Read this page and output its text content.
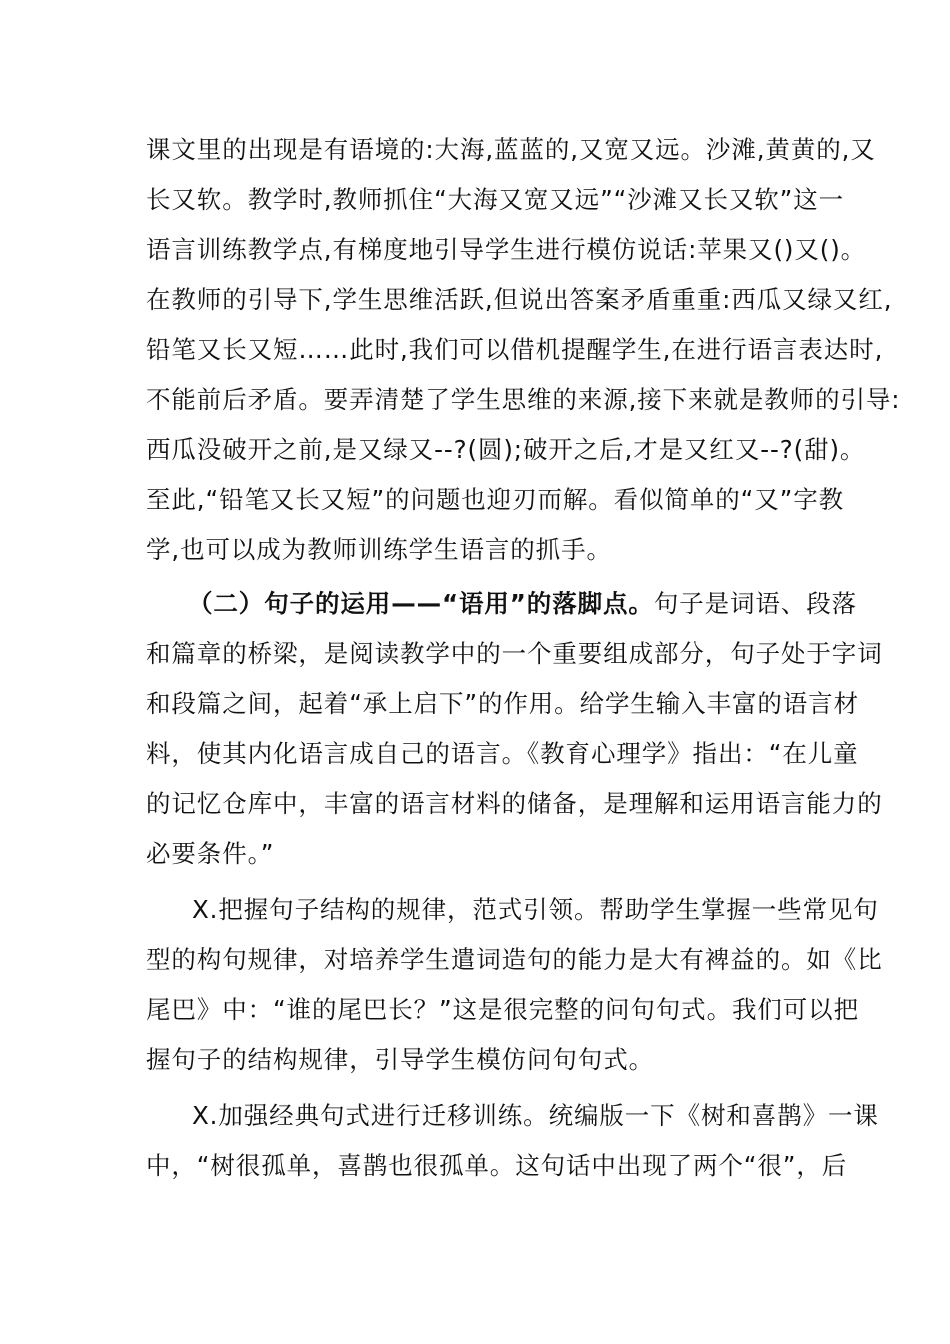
课文里的出现是有语境的:大海,蓝蓝的,又宽又远。沙滩,黄黄的,又
长又软。教学时,教师抓住“大海又宽又远”“沙滩又长又软”这一
语言训练教学点,有梯度地引导学生进行模仿说话:苹果又()又()。
在教师的引导下,学生思维活跃,但说出答案矛盾重重:西瓜又绿又红,
铅笔又长又短……此时,我们可以借机提醒学生,在进行语言表达时,
不能前后矛盾。要弄清楚了学生思维的来源,接下来就是教师的引导:
西瓜没破开之前,是又绿又--?(圆);破开之后,才是又红又--?(甜)。
至此,“铅笔又长又短”的问题也迎刃而解。看似简单的“又”字教
学,也可以成为教师训练学生语言的抓手。
（二）句子的运用——“语用”的落脚点。句子是词语、段落
和篇章的桥梁，是阅读教学中的一个重要组成部分，句子处于字词
和段篇之间，起着“承上启下”的作用。给学生输入丰富的语言材
料，使其内化语言成自己的语言。《教育心理学》指出：“在儿童
的记忆仓库中，丰富的语言材料的储备，是理解和运用语言能力的
必要条件。”
X.把握句子结构的规律，范式引领。帮助学生掌握一些常见句
型的构句规律，对培养学生遣词造句的能力是大有裨益的。如《比
尾巴》中：“谁的尾巴长？”这是很完整的问句句式。我们可以把
握句子的结构规律，引导学生模仿问句句式。
X.加强经典句式进行迁移训练。统编版一下《树和喜鹊》一课
中，“树很孤单，喜鹊也很孤单。这句话中出现了两个“很”，后
